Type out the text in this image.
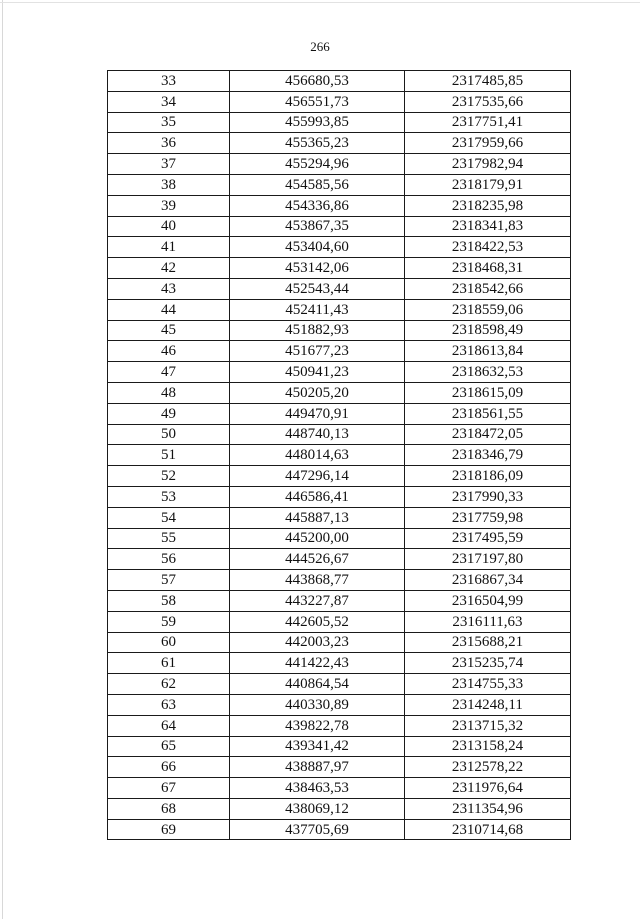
266
33	456680,53	2317485,85
34	456551,73	2317535,66
35	455993,85	2317751,41
36	455365,23	2317959,66
37	455294,96	2317982,94
38	454585,56	2318179,91
39	454336,86	2318235,98
40	453867,35	2318341,83
41	453404,60	2318422,53
42	453142,06	2318468,31
43	452543,44	2318542,66
44	452411,43	2318559,06
45	451882,93	2318598,49
46	451677,23	2318613,84
47	450941,23	2318632,53
48	450205,20	2318615,09
49	449470,91	2318561,55
50	448740,13	2318472,05
51	448014,63	2318346,79
52	447296,14	2318186,09
53	446586,41	2317990,33
54	445887,13	2317759,98
55	445200,00	2317495,59
56	444526,67	2317197,80
57	443868,77	2316867,34
58	443227,87	2316504,99
59	442605,52	2316111,63
60	442003,23	2315688,21
61	441422,43	2315235,74
62	440864,54	2314755,33
63	440330,89	2314248,11
64	439822,78	2313715,32
65	439341,42	2313158,24
66	438887,97	2312578,22
67	438463,53	2311976,64
68	438069,12	2311354,96
69	437705,69	2310714,68
